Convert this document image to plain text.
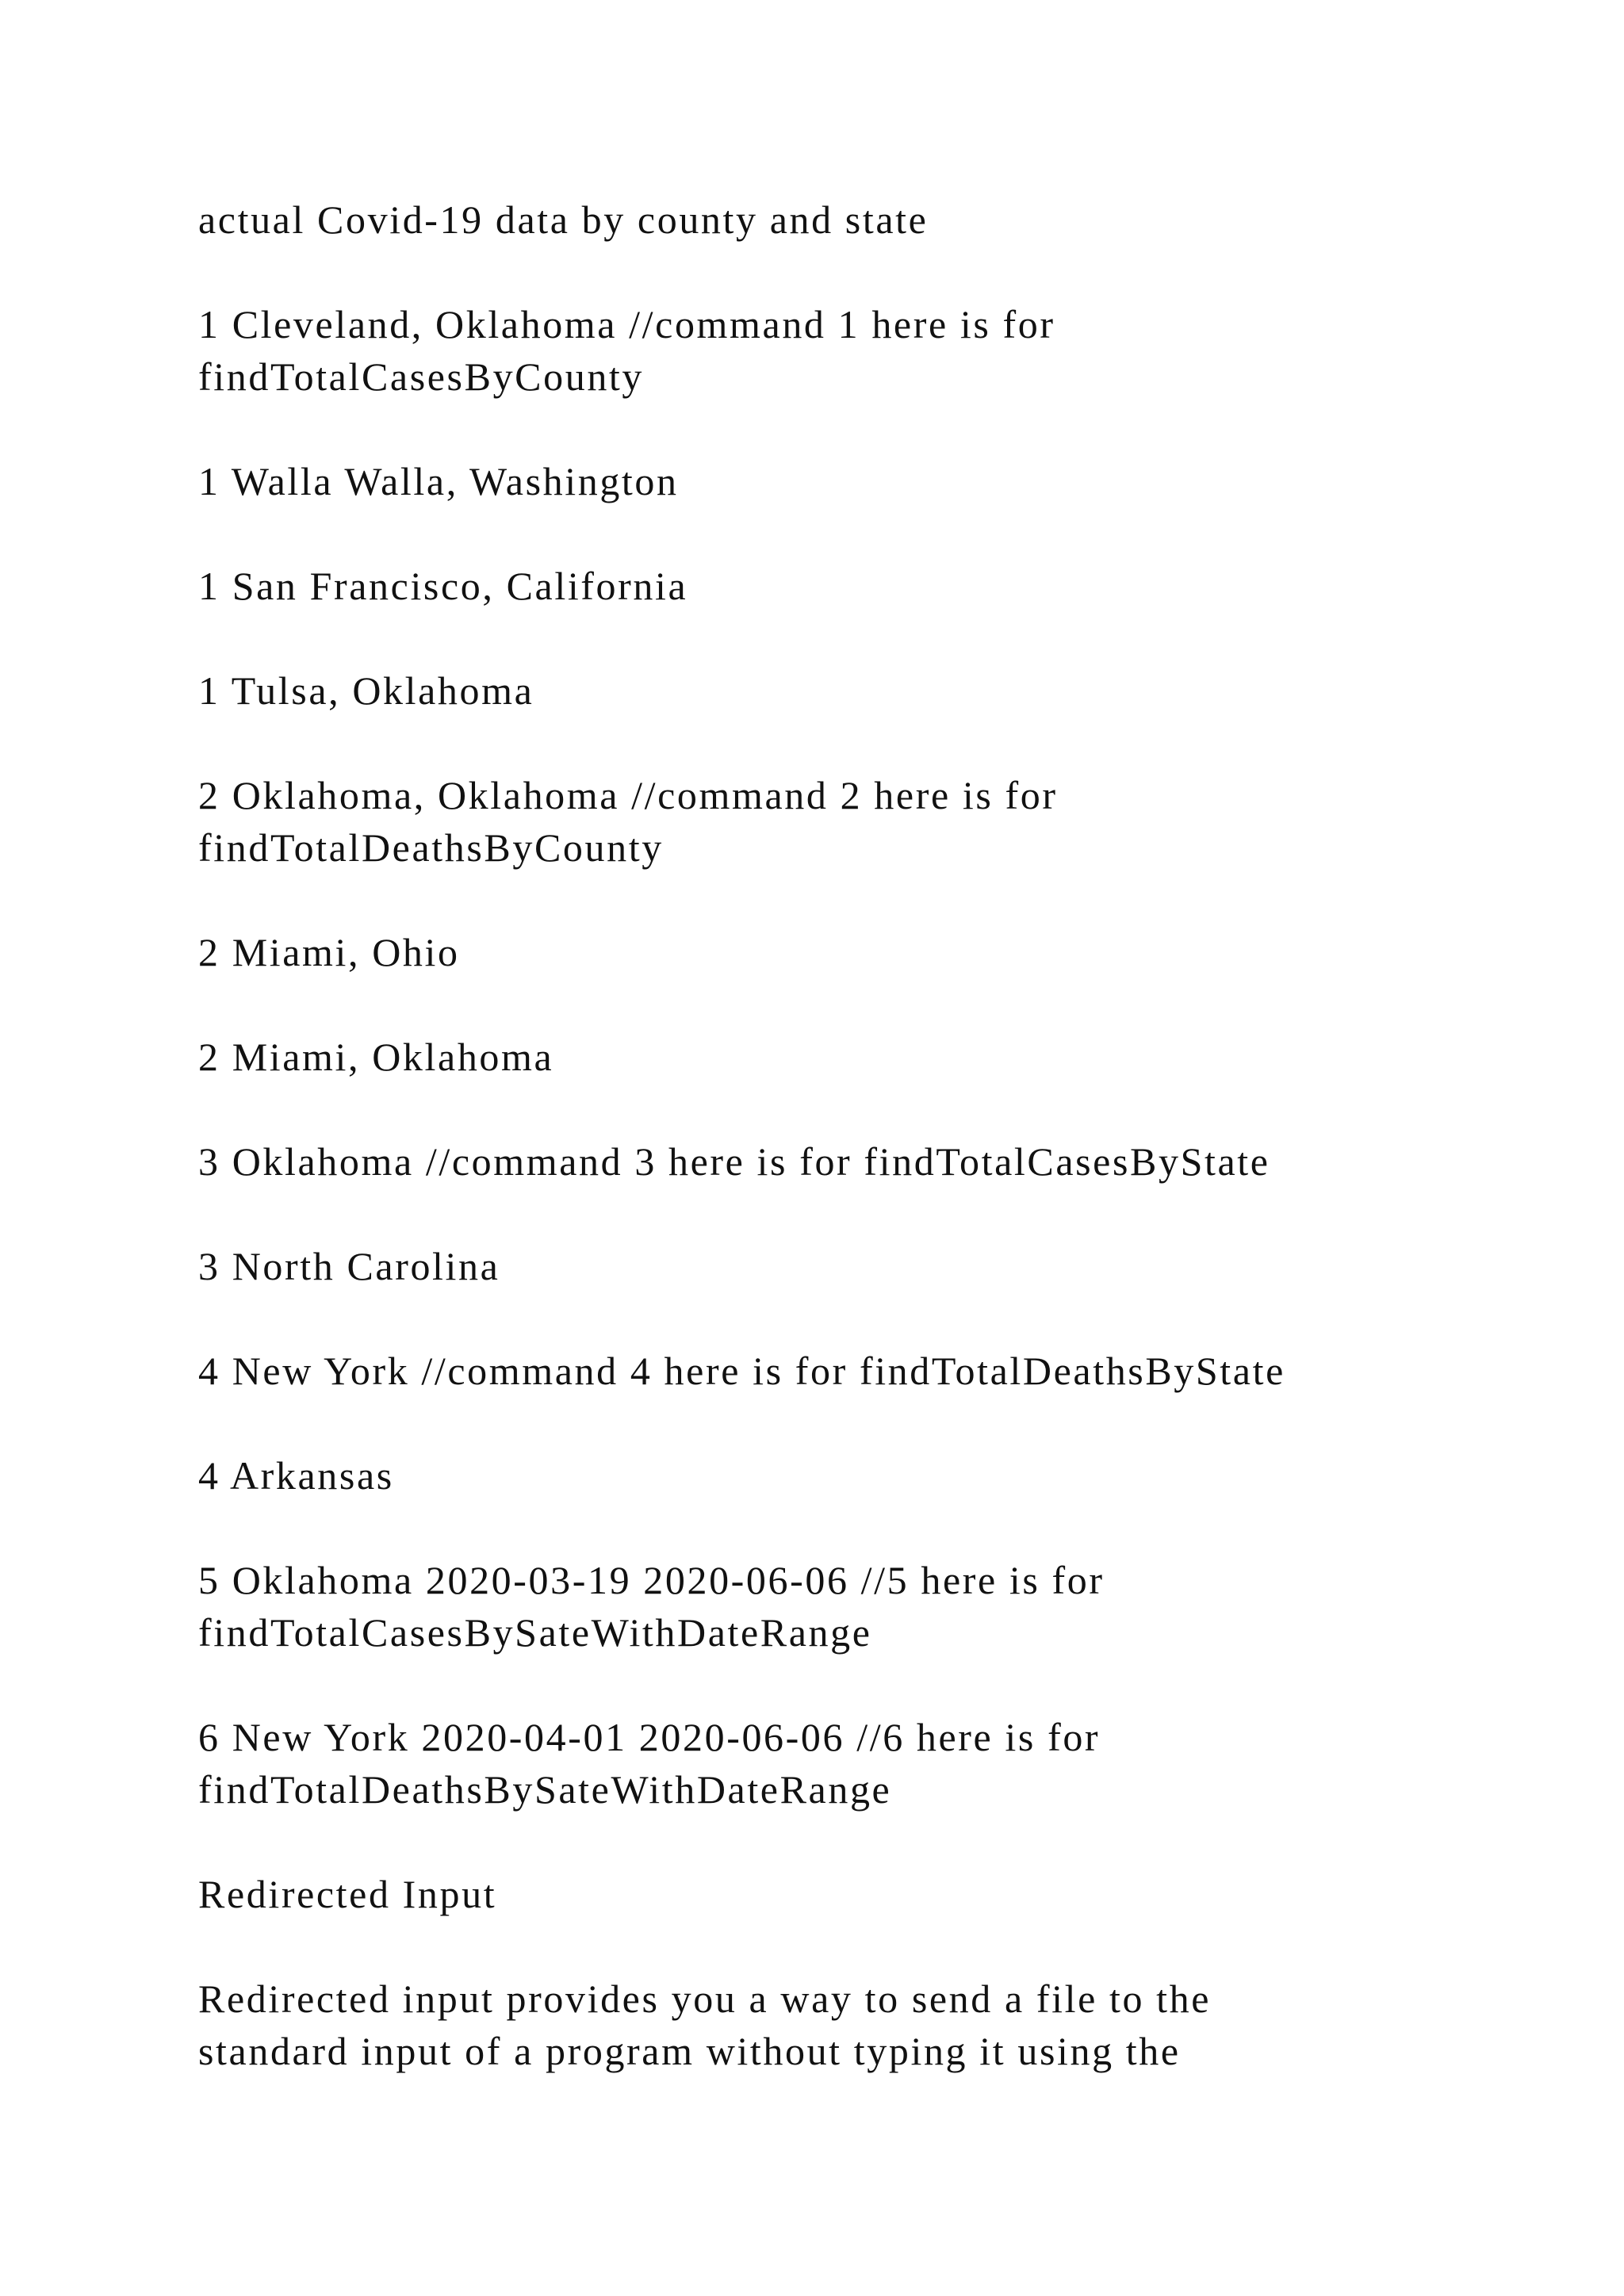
actual Covid-19 data by county and state

1 Cleveland, Oklahoma //command 1 here is for
findTotalCasesByCounty

1 Walla Walla, Washington

1 San Francisco, California

1 Tulsa, Oklahoma

2 Oklahoma, Oklahoma //command 2 here is for
findTotalDeathsByCounty

2 Miami, Ohio

2 Miami, Oklahoma

3 Oklahoma //command 3 here is for findTotalCasesByState

3 North Carolina

4 New York //command 4 here is for findTotalDeathsByState

4 Arkansas

5 Oklahoma 2020-03-19 2020-06-06 //5 here is for
findTotalCasesBySateWithDateRange

6 New York 2020-04-01 2020-06-06 //6 here is for
findTotalDeathsBySateWithDateRange

Redirected Input

Redirected input provides you a way to send a file to the
standard input of a program without typing it using the
